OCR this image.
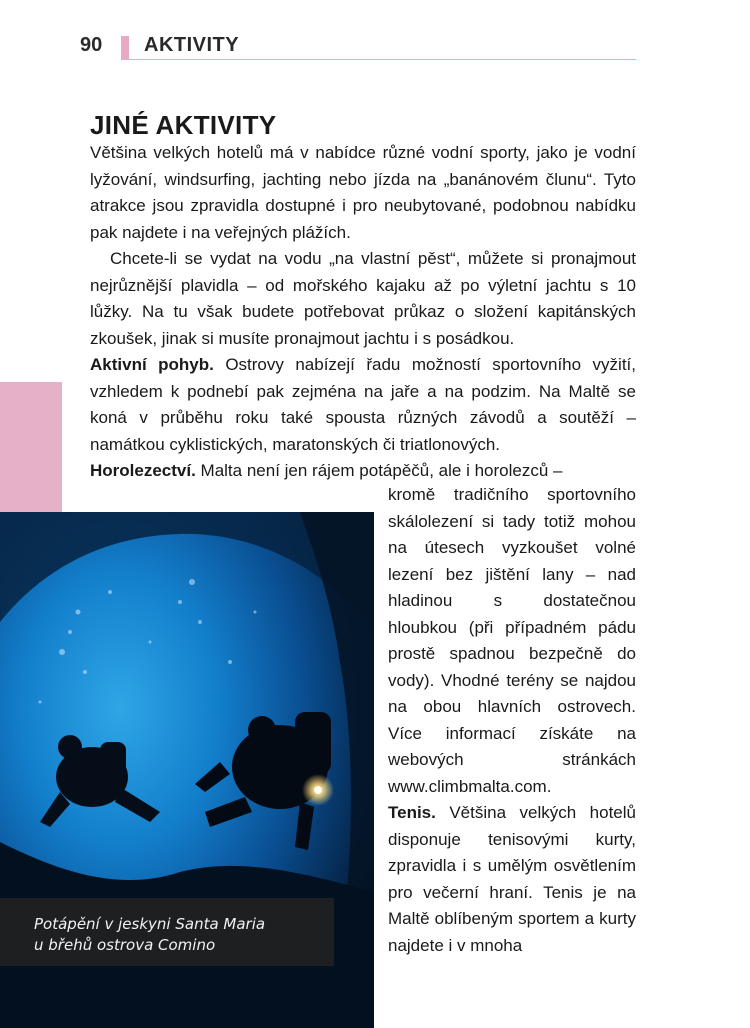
90 AKTIVITY
JINÉ AKTIVITY

Většina velkých hotelů má v nabídce různé vodní sporty, jako je vodní lyžování, windsurfing, jachting nebo jízda na „banánovém člunu“. Tyto atrakce jsou zpravidla dostupné i pro neubytované, podobnou nabídku pak najdete i na veřejných plážích.

Chcete-li se vydat na vodu „na vlastní pěst“, můžete si pronajmout nejrůznější plavidla – od mořského kajaku až po výletní jachtu s 10 lůžky. Na tu však budete potřebovat průkaz o složení kapitánských zkoušek, jinak si musíte pronajmout jachtu i s posádkou.

Aktivní pohyb. Ostrovy nabízejí řadu možností sportovního vyžití, vzhledem k podnebí pak zejména na jaře a na podzim. Na Maltě se koná v průběhu roku také spousta různých závodů a soutěží – namátkou cyklistických, maratonských či triatlonových.

Horolezectví. Malta není jen rájem potápěčů, ale i horolezců –

kromě tradičního sportovního skálolezení si tady totiž mohou na útesech vyzkoušet volné lezení bez jištění lany – nad hladinou s dostatečnou hloubkou (při případném pádu prostě spadnou bezpečně do vody). Vhodné terény se najdou na obou hlavních ostrovech. Více informací získáte na webových stránkách www.climbmalta.com.

Tenis. Většina velkých hotelů disponuje tenisovými kurty, zpravidla i s umělým osvětlením pro večerní hraní. Tenis je na Maltě oblíbeným sportem a kurty najdete i v mnoha

Potápění v jeskyni Santa Maria
u břehů ostrova Comino
